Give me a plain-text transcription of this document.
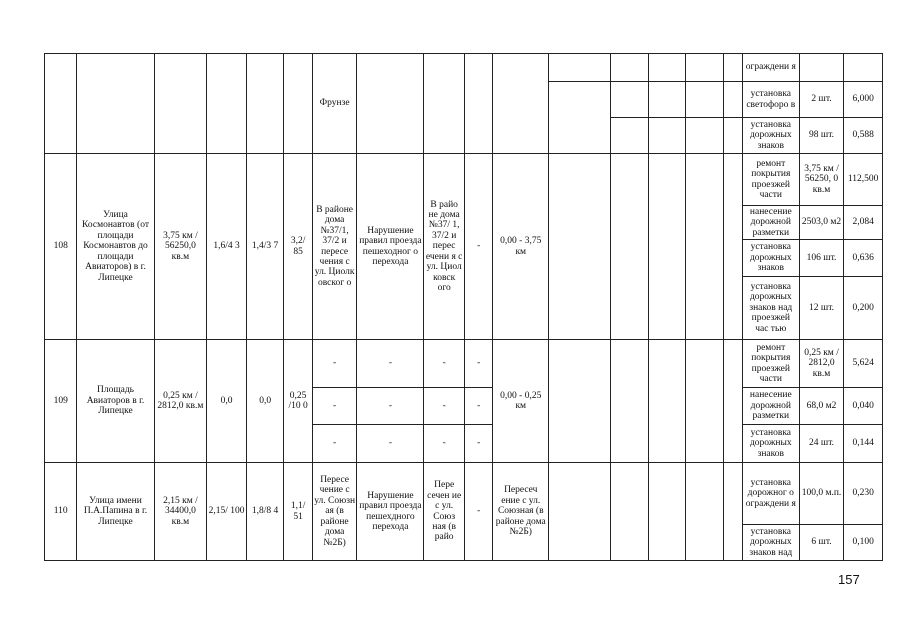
						Фрунзе										ограждени я		
																установка светофоро в	2 шт.	6,000
																установка дорожных знаков	98 шт.	0,588
108	Улица Космонавтов (от площади Космонавтов до площади Авиаторов) в г. Липецке	3,75 км / 56250,0 кв.м	1,6/4 3	1,4/3 7	3,2/ 85	В районе дома №37/1, 37/2 и пересе чения с ул. Циолк овског о	Нарушение правил проезда пешеходног о перехода	В райо не дома №37/ 1, 37/2 и перес ечени я с ул. Циол ковск ого	-	0,00 - 3,75 км						ремонт покрытия проезжей части	3,75 км / 56250, 0 кв.м	112,500
																нанесение дорожной разметки	2503,0 м2	2,084
																установка дорожных знаков	106 шт.	0,636
																установка дорожных знаков над проезжей час тью	12 шт.	0,200
109	Площадь Авиаторов в г. Липецке	0,25 км / 2812,0 кв.м	0,0	0,0	0,25 /10 0	-	-	-	-	0,00 - 0,25 км						ремонт покрытия проезжей части	0,25 км / 2812,0 кв.м	5,624
						-	-	-	-							нанесение дорожной разметки	68,0 м2	0,040
						-	-	-	-							установка дорожных знаков	24 шт.	0,144
110	Улица имени П.А.Папина в г. Липецке	2,15 км / 34400,0 кв.м	2,15/ 100	1,8/8 4	1,1/ 51	Пересе чение с ул. Союзн ая (в районе дома №2Б)	Нарушение правил проезда пешехдного перехода	Пере сечен ие с ул. Союз ная (в райо	-	Пересеч ение с ул. Союзная (в районе дома №2Б)						установка дорожног о ограждени я	100,0 м.п.	0,230
																установка дорожных знаков над	6 шт.	0,100
157
